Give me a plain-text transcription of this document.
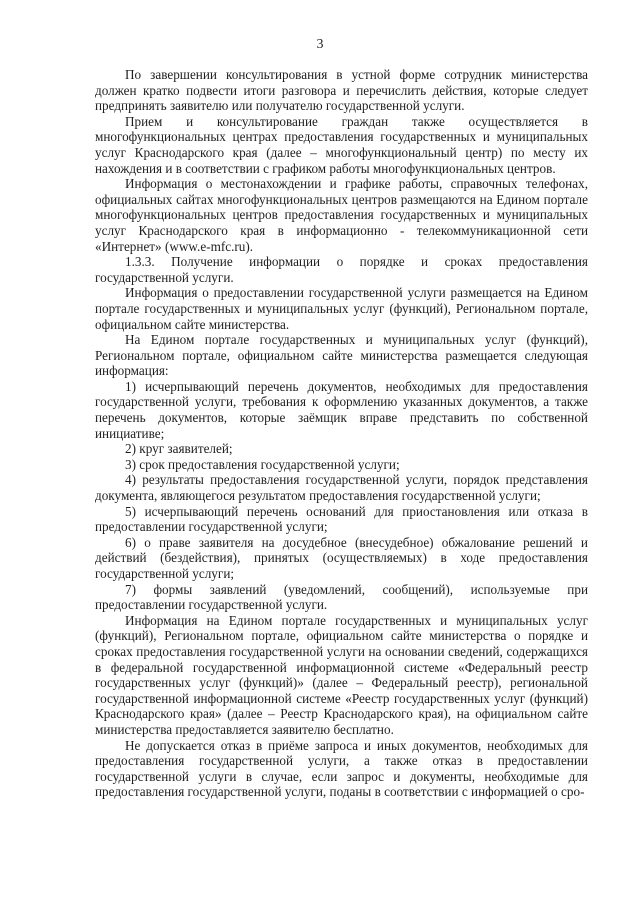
3

По завершении консультирования в устной форме сотрудник министерства должен кратко подвести итоги разговора и перечислить действия, которые следует предпринять заявителю или получателю государственной услуги.

Прием и консультирование граждан также осуществляется в многофункциональных центрах предоставления государственных и муниципальных услуг Краснодарского края (далее – многофункциональный центр) по месту их нахождения и в соответствии с графиком работы многофункциональных центров.

Информация о местонахождении и графике работы, справочных телефонах, официальных сайтах многофункциональных центров размещаются на Едином портале многофункциональных центров предоставления государственных и муниципальных услуг Краснодарского края в информационно - телекоммуникационной сети «Интернет» (www.e-mfc.ru).

1.3.3. Получение информации о порядке и сроках предоставления государственной услуги.

Информация о предоставлении государственной услуги размещается на Едином портале государственных и муниципальных услуг (функций), Региональном портале, официальном сайте министерства.

На Едином портале государственных и муниципальных услуг (функций), Региональном портале, официальном сайте министерства размещается следующая информация:

1) исчерпывающий перечень документов, необходимых для предоставления государственной услуги, требования к оформлению указанных документов, а также перечень документов, которые заёмщик вправе представить по собственной инициативе;

2) круг заявителей;

3) срок предоставления государственной услуги;

4) результаты предоставления государственной услуги, порядок представления документа, являющегося результатом предоставления государственной услуги;

5) исчерпывающий перечень оснований для приостановления или отказа в предоставлении государственной услуги;

6) о праве заявителя на досудебное (внесудебное) обжалование решений и действий (бездействия), принятых (осуществляемых) в ходе предоставления государственной услуги;

7) формы заявлений (уведомлений, сообщений), используемые при предоставлении государственной услуги.

Информация на Едином портале государственных и муниципальных услуг (функций), Региональном портале, официальном сайте министерства о порядке и сроках предоставления государственной услуги на основании сведений, содержащихся в федеральной государственной информационной системе «Федеральный реестр государственных услуг (функций)» (далее – Федеральный реестр), региональной государственной информационной системе «Реестр государственных услуг (функций) Краснодарского края» (далее – Реестр Краснодарского края), на официальном сайте министерства предоставляется заявителю бесплатно.

Не допускается отказ в приёме запроса и иных документов, необходимых для предоставления государственной услуги, а также отказ в предоставлении государственной услуги в случае, если запрос и документы, необходимые для предоставления государственной услуги, поданы в соответствии с информацией о сро-
